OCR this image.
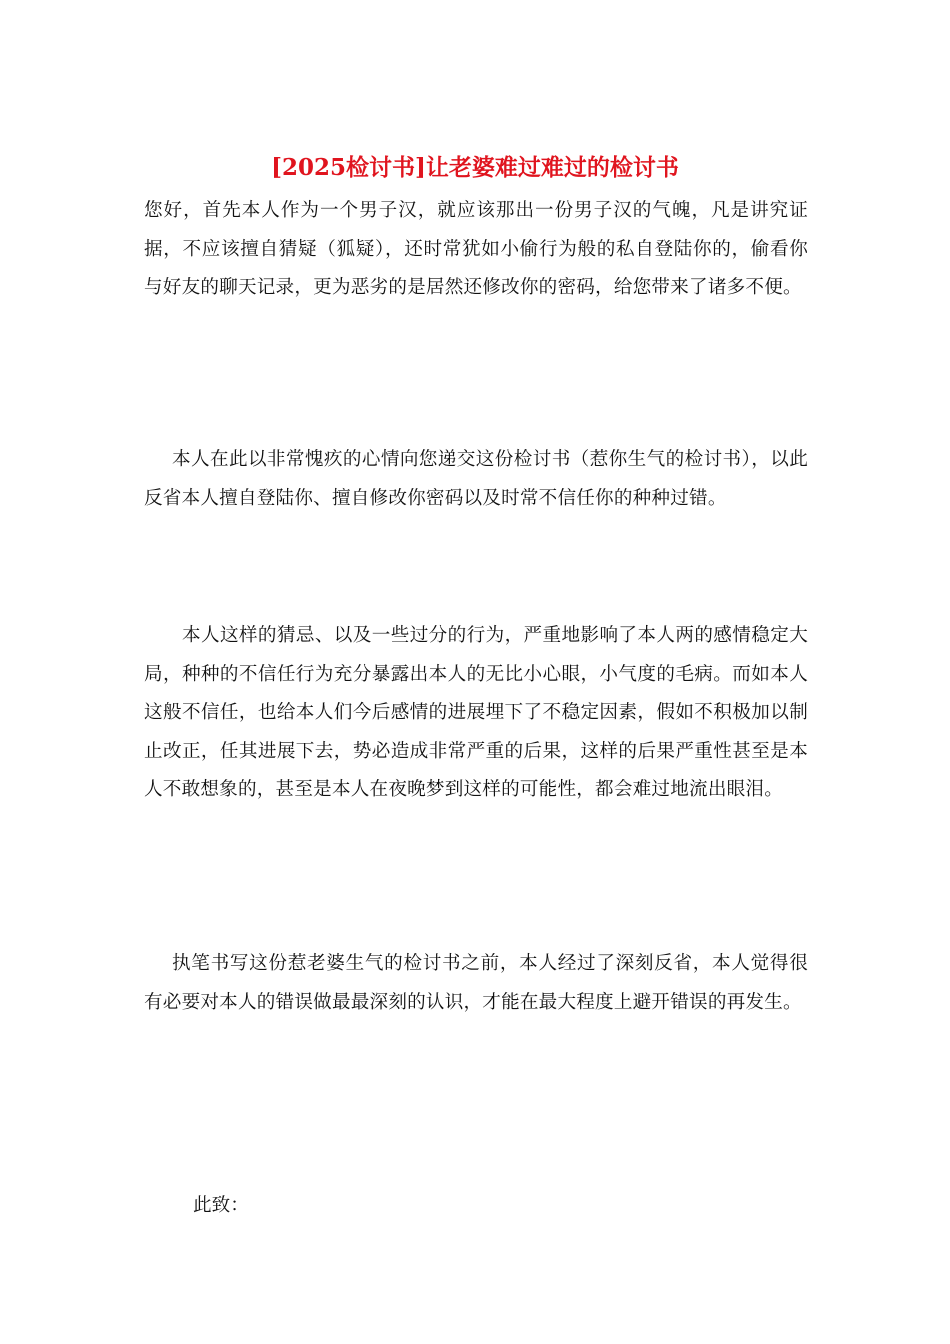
[2025检讨书]让老婆难过难过的检讨书

您好，首先本人作为一个男子汉，就应该那出一份男子汉的气魄，凡是讲究证据，不应该擅自猜疑（狐疑），还时常犹如小偷行为般的私自登陆你的，偷看你与好友的聊天记录，更为恶劣的是居然还修改你的密码，给您带来了诸多不便。

本人在此以非常愧疚的心情向您递交这份检讨书（惹你生气的检讨书），以此反省本人擅自登陆你、擅自修改你密码以及时常不信任你的种种过错。

本人这样的猜忌、以及一些过分的行为，严重地影响了本人两的感情稳定大局，种种的不信任行为充分暴露出本人的无比小心眼，小气度的毛病。而如本人这般不信任，也给本人们今后感情的进展埋下了不稳定因素，假如不积极加以制止改正，任其进展下去，势必造成非常严重的后果，这样的后果严重性甚至是本人不敢想象的，甚至是本人在夜晚梦到这样的可能性，都会难过地流出眼泪。

执笔书写这份惹老婆生气的检讨书之前，本人经过了深刻反省，本人觉得很有必要对本人的错误做最最深刻的认识，才能在最大程度上避开错误的再发生。

此致：
